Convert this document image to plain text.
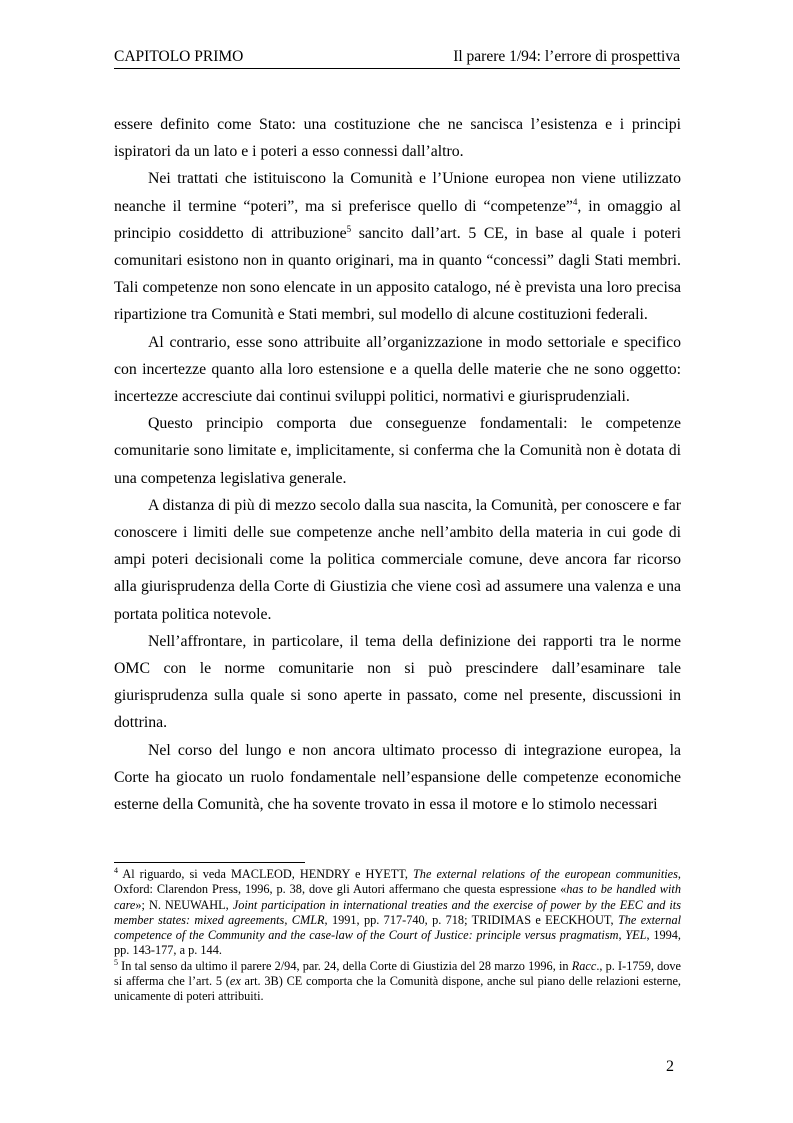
CAPITOLO PRIMO	Il parere 1/94: l’errore di prospettiva

essere definito come Stato: una costituzione che ne sancisca l’esistenza e i principi ispiratori da un lato e i poteri a esso connessi dall’altro.

Nei trattati che istituiscono la Comunità e l’Unione europea non viene utilizzato neanche il termine “poteri”, ma si preferisce quello di “competenze”$^4$, in omaggio al principio cosiddetto di attribuzione$^5$ sancito dall’art. 5 CE, in base al quale i poteri comunitari esistono non in quanto originari, ma in quanto “concessi” dagli Stati membri. Tali competenze non sono elencate in un apposito catalogo, né è prevista una loro precisa ripartizione tra Comunità e Stati membri, sul modello di alcune costituzioni federali.

Al contrario, esse sono attribuite all’organizzazione in modo settoriale e specifico con incertezze quanto alla loro estensione e a quella delle materie che ne sono oggetto: incertezze accresciute dai continui sviluppi politici, normativi e giurisprudenziali.

Questo principio comporta due conseguenze fondamentali: le competenze comunitarie sono limitate e, implicitamente, si conferma che la Comunità non è dotata di una competenza legislativa generale.

A distanza di più di mezzo secolo dalla sua nascita, la Comunità, per conoscere e far conoscere i limiti delle sue competenze anche nell’ambito della materia in cui gode di ampi poteri decisionali come la politica commerciale comune, deve ancora far ricorso alla giurisprudenza della Corte di Giustizia che viene così ad assumere una valenza e una portata politica notevole.

Nell’affrontare, in particolare, il tema della definizione dei rapporti tra le norme OMC con le norme comunitarie non si può prescindere dall’esaminare tale giurisprudenza sulla quale si sono aperte in passato, come nel presente, discussioni in dottrina.

Nel corso del lungo e non ancora ultimato processo di integrazione europea, la Corte ha giocato un ruolo fondamentale nell’espansione delle competenze economiche esterne della Comunità, che ha sovente trovato in essa il motore e lo stimolo necessari

$^4$ Al riguardo, si veda MACLEOD, HENDRY e HYETT, The external relations of the european communities, Oxford: Clarendon Press, 1996, p. 38, dove gli Autori affermano che questa espressione «has to be handled with care»; N. NEUWAHL, Joint participation in international treaties and the exercise of power by the EEC and its member states: mixed agreements, CMLR, 1991, pp. 717-740, p. 718; TRIDIMAS e EECKHOUT, The external competence of the Community and the case-law of the Court of Justice: principle versus pragmatism, YEL, 1994, pp. 143-177, a p. 144.

$^5$ In tal senso da ultimo il parere 2/94, par. 24, della Corte di Giustizia del 28 marzo 1996, in Racc., p. I-1759, dove si afferma che l’art. 5 (ex art. 3B) CE comporta che la Comunità dispone, anche sul piano delle relazioni esterne, unicamente di poteri attribuiti.

2
